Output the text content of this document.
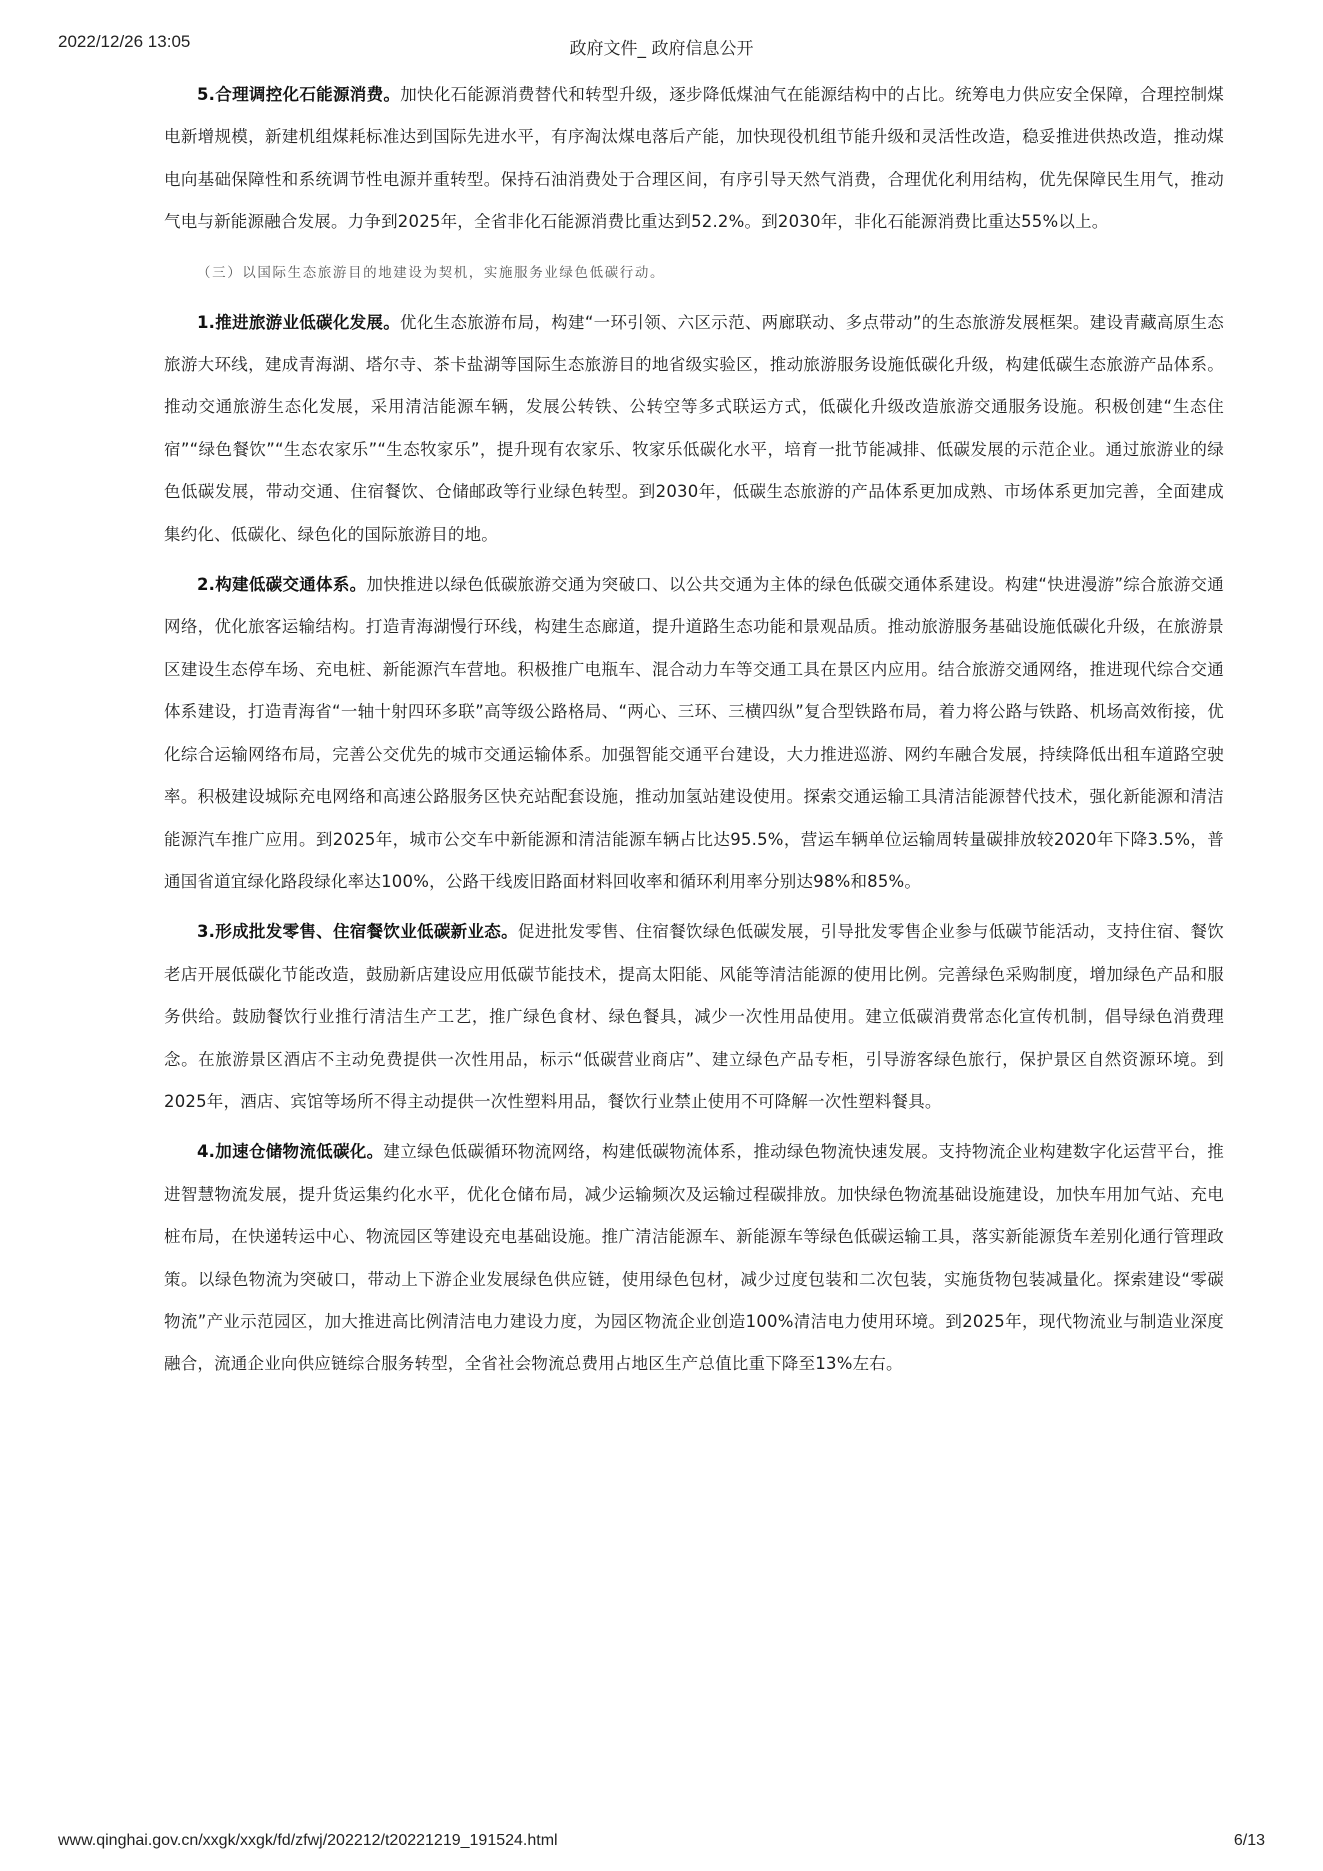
2022/12/26 13:05	政府文件_ 政府信息公开

5.合理调控化石能源消费。加快化石能源消费替代和转型升级，逐步降低煤油气在能源结构中的占比。统筹电力供应安全保障，合理控制煤电新增规模，新建机组煤耗标准达到国际先进水平，有序淘汰煤电落后产能，加快现役机组节能升级和灵活性改造，稳妥推进供热改造，推动煤电向基础保障性和系统调节性电源并重转型。保持石油消费处于合理区间，有序引导天然气消费，合理优化利用结构，优先保障民生用气，推动气电与新能源融合发展。力争到2025年，全省非化石能源消费比重达到52.2%。到2030年，非化石能源消费比重达55%以上。

（三）以国际生态旅游目的地建设为契机，实施服务业绿色低碳行动。

1.推进旅游业低碳化发展。优化生态旅游布局，构建“一环引领、六区示范、两廊联动、多点带动”的生态旅游发展框架。建设青藏高原生态旅游大环线，建成青海湖、塔尔寺、茶卡盐湖等国际生态旅游目的地省级实验区，推动旅游服务设施低碳化升级，构建低碳生态旅游产品体系。推动交通旅游生态化发展，采用清洁能源车辆，发展公转铁、公转空等多式联运方式，低碳化升级改造旅游交通服务设施。积极创建“生态住宿”“绿色餐饮”“生态农家乐”“生态牧家乐”，提升现有农家乐、牧家乐低碳化水平，培育一批节能减排、低碳发展的示范企业。通过旅游业的绿色低碳发展，带动交通、住宿餐饮、仓储邮政等行业绿色转型。到2030年，低碳生态旅游的产品体系更加成熟、市场体系更加完善，全面建成集约化、低碳化、绿色化的国际旅游目的地。

2.构建低碳交通体系。加快推进以绿色低碳旅游交通为突破口、以公共交通为主体的绿色低碳交通体系建设。构建“快进漫游”综合旅游交通网络，优化旅客运输结构。打造青海湖慢行环线，构建生态廊道，提升道路生态功能和景观品质。推动旅游服务基础设施低碳化升级，在旅游景区建设生态停车场、充电桩、新能源汽车营地。积极推广电瓶车、混合动力车等交通工具在景区内应用。结合旅游交通网络，推进现代综合交通体系建设，打造青海省“一轴十射四环多联”高等级公路格局、“两心、三环、三横四纵”复合型铁路布局，着力将公路与铁路、机场高效衔接，优化综合运输网络布局，完善公交优先的城市交通运输体系。加强智能交通平台建设，大力推进巡游、网约车融合发展，持续降低出租车道路空驶率。积极建设城际充电网络和高速公路服务区快充站配套设施，推动加氢站建设使用。探索交通运输工具清洁能源替代技术，强化新能源和清洁能源汽车推广应用。到2025年，城市公交车中新能源和清洁能源车辆占比达95.5%，营运车辆单位运输周转量碳排放较2020年下降3.5%，普通国省道宜绿化路段绿化率达100%，公路干线废旧路面材料回收率和循环利用率分别达98%和85%。

3.形成批发零售、住宿餐饮业低碳新业态。促进批发零售、住宿餐饮绿色低碳发展，引导批发零售企业参与低碳节能活动，支持住宿、餐饮老店开展低碳化节能改造，鼓励新店建设应用低碳节能技术，提高太阳能、风能等清洁能源的使用比例。完善绿色采购制度，增加绿色产品和服务供给。鼓励餐饮行业推行清洁生产工艺，推广绿色食材、绿色餐具，减少一次性用品使用。建立低碳消费常态化宣传机制，倡导绿色消费理念。在旅游景区酒店不主动免费提供一次性用品，标示“低碳营业商店”、建立绿色产品专柜，引导游客绿色旅行，保护景区自然资源环境。到2025年，酒店、宾馆等场所不得主动提供一次性塑料用品，餐饮行业禁止使用不可降解一次性塑料餐具。

4.加速仓储物流低碳化。建立绿色低碳循环物流网络，构建低碳物流体系，推动绿色物流快速发展。支持物流企业构建数字化运营平台，推进智慧物流发展，提升货运集约化水平，优化仓储布局，减少运输频次及运输过程碳排放。加快绿色物流基础设施建设，加快车用加气站、充电桩布局，在快递转运中心、物流园区等建设充电基础设施。推广清洁能源车、新能源车等绿色低碳运输工具，落实新能源货车差别化通行管理政策。以绿色物流为突破口，带动上下游企业发展绿色供应链，使用绿色包材，减少过度包装和二次包装，实施货物包装减量化。探索建设“零碳物流”产业示范园区，加大推进高比例清洁电力建设力度，为园区物流企业创造100%清洁电力使用环境。到2025年，现代物流业与制造业深度融合，流通企业向供应链综合服务转型，全省社会物流总费用占地区生产总值比重下降至13%左右。

www.qinghai.gov.cn/xxgk/xxgk/fd/zfwj/202212/t20221219_191524.html	6/13
